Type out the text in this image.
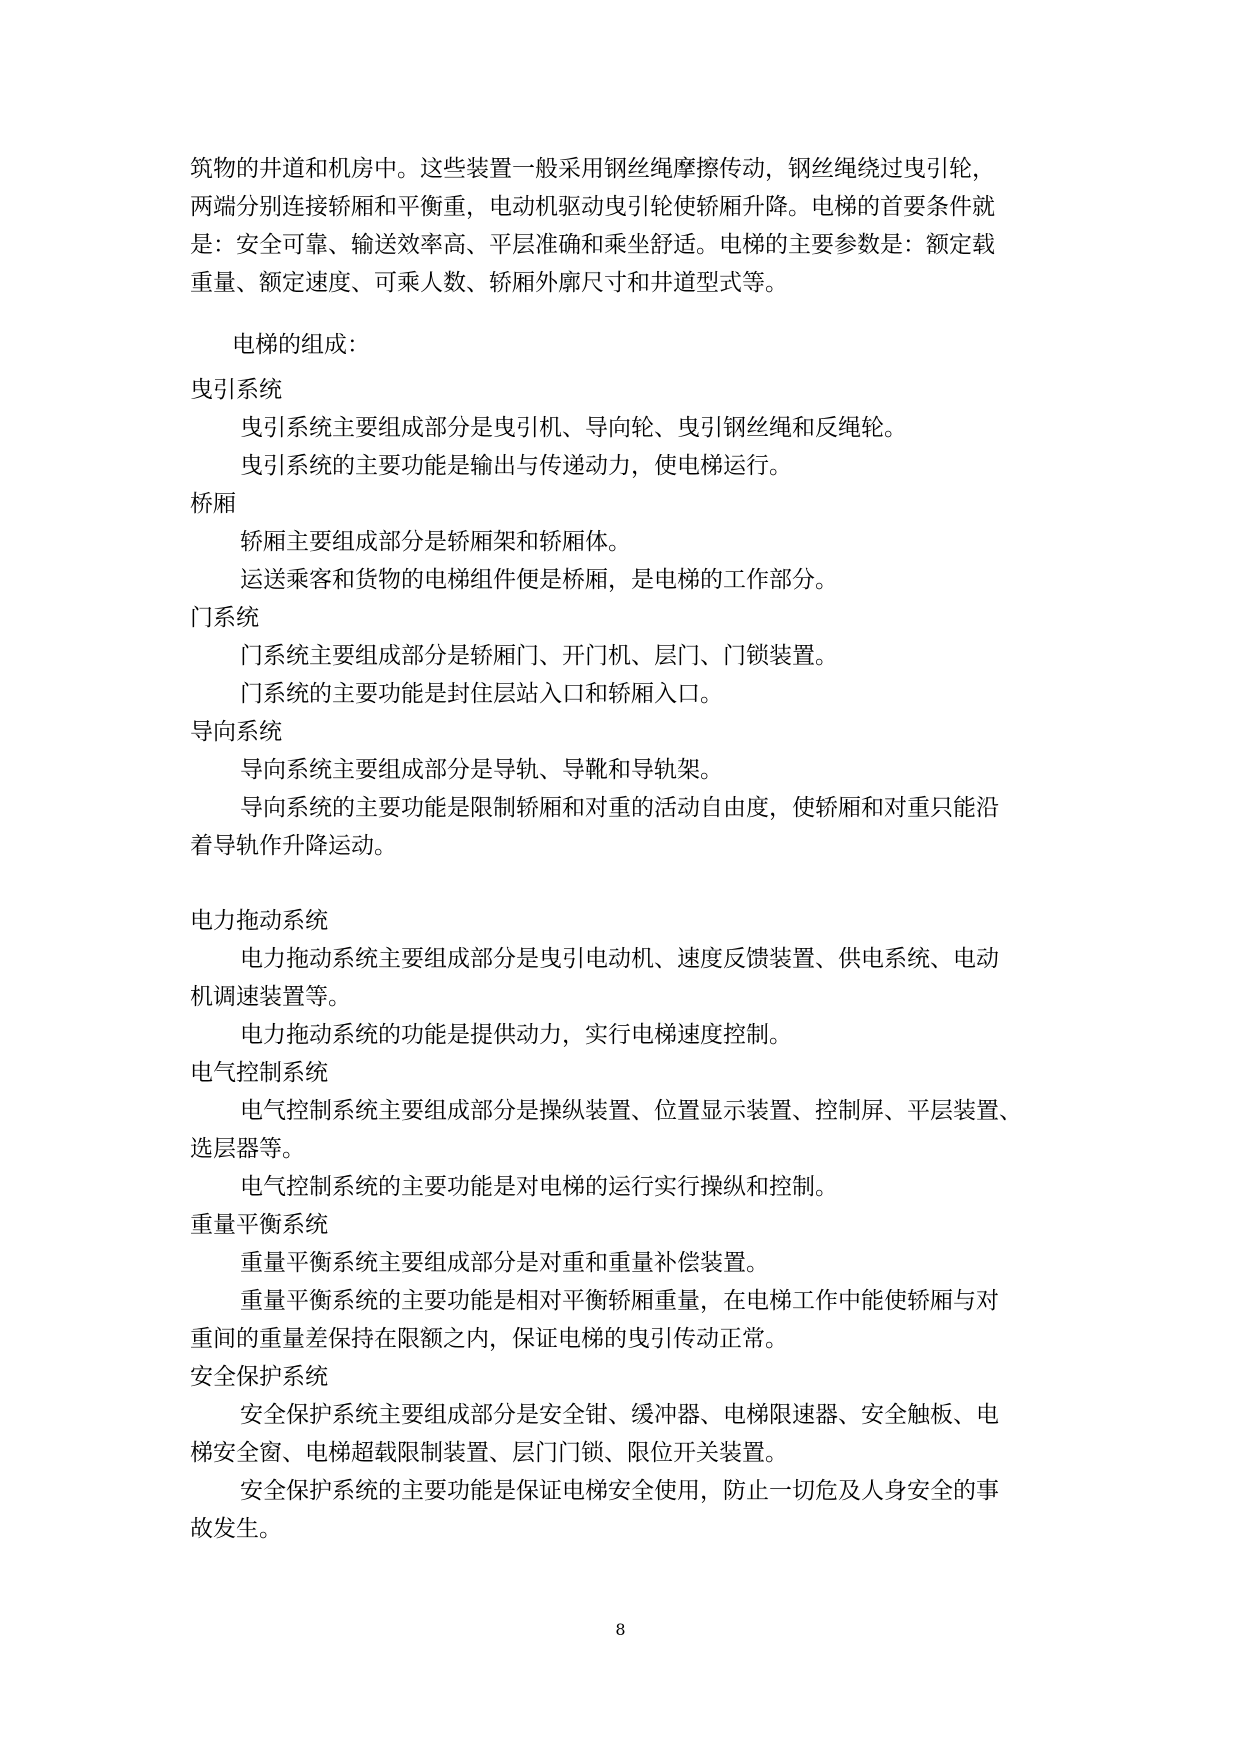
筑物的井道和机房中。这些装置一般采用钢丝绳摩擦传动，钢丝绳绕过曳引轮，
两端分别连接轿厢和平衡重，电动机驱动曳引轮使轿厢升降。电梯的首要条件就
是：安全可靠、输送效率高、平层准确和乘坐舒适。电梯的主要参数是：额定载
重量、额定速度、可乘人数、轿厢外廓尺寸和井道型式等。
电梯的组成：
曳引系统
曳引系统主要组成部分是曳引机、导向轮、曳引钢丝绳和反绳轮。
曳引系统的主要功能是输出与传递动力，使电梯运行。
桥厢
轿厢主要组成部分是轿厢架和轿厢体。
运送乘客和货物的电梯组件便是桥厢，是电梯的工作部分。
门系统
门系统主要组成部分是轿厢门、开门机、层门、门锁装置。
门系统的主要功能是封住层站入口和轿厢入口。
导向系统
导向系统主要组成部分是导轨、导靴和导轨架。
导向系统的主要功能是限制轿厢和对重的活动自由度，使轿厢和对重只能沿
着导轨作升降运动。
电力拖动系统
电力拖动系统主要组成部分是曳引电动机、速度反馈装置、供电系统、电动
机调速装置等。
电力拖动系统的功能是提供动力，实行电梯速度控制。
电气控制系统
电气控制系统主要组成部分是操纵装置、位置显示装置、控制屏、平层装置、
选层器等。
电气控制系统的主要功能是对电梯的运行实行操纵和控制。
重量平衡系统
重量平衡系统主要组成部分是对重和重量补偿装置。
重量平衡系统的主要功能是相对平衡轿厢重量，在电梯工作中能使轿厢与对
重间的重量差保持在限额之内，保证电梯的曳引传动正常。
安全保护系统
安全保护系统主要组成部分是安全钳、缓冲器、电梯限速器、安全触板、电
梯安全窗、电梯超载限制装置、层门门锁、限位开关装置。
安全保护系统的主要功能是保证电梯安全使用，防止一切危及人身安全的事
故发生。
8
